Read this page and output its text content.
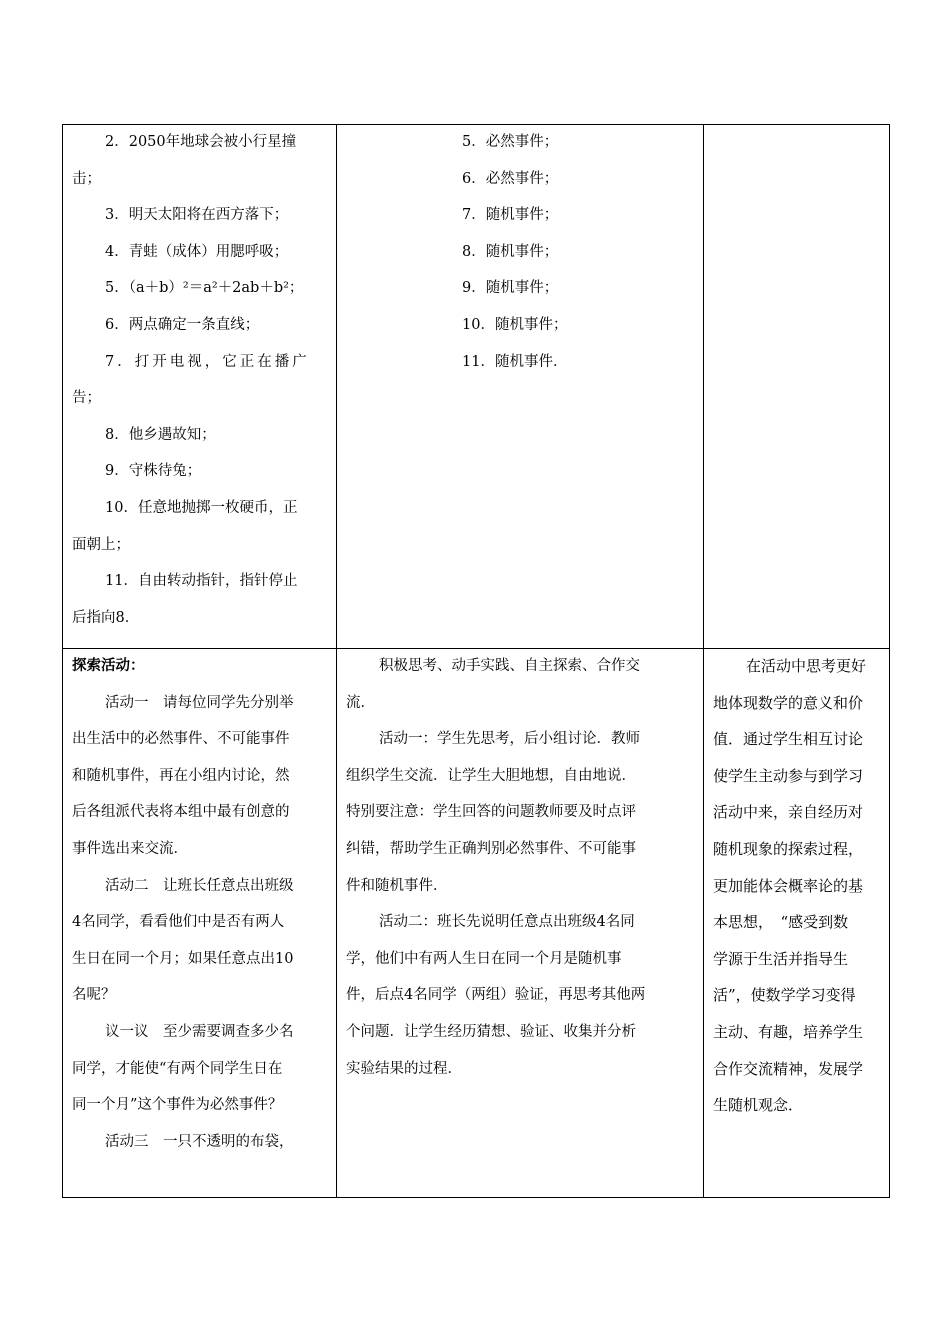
2．2050年地球会被小行星撞

击；

3．明天太阳将在西方落下；

4．青蛙（成体）用腮呼吸；

5．（a＋b）²＝a²＋2ab＋b²；

6．两点确定一条直线；

7．打开电视，它正在播广

告；

8．他乡遇故知；

9．守株待兔；

10．任意地抛掷一枚硬币，正

面朝上；

11．自由转动指针，指针停止

后指向8．

5．必然事件；

6．必然事件；

7．随机事件；

8．随机事件；

9．随机事件；

10．随机事件；

11．随机事件．

探索活动：

活动一　请每位同学先分别举

出生活中的必然事件、不可能事件

和随机事件，再在小组内讨论，然

后各组派代表将本组中最有创意的

事件选出来交流．

活动二　让班长任意点出班级

4名同学，看看他们中是否有两人

生日在同一个月；如果任意点出10

名呢？

议一议　至少需要调查多少名

同学，才能使“有两个同学生日在

同一个月”这个事件为必然事件？

活动三　一只不透明的布袋，

积极思考、动手实践、自主探索、合作交

流．

活动一：学生先思考，后小组讨论．教师

组织学生交流．让学生大胆地想，自由地说．

特别要注意：学生回答的问题教师要及时点评

纠错，帮助学生正确判别必然事件、不可能事

件和随机事件．

活动二：班长先说明任意点出班级4名同

学，他们中有两人生日在同一个月是随机事

件，后点4名同学（两组）验证，再思考其他两

个问题．让学生经历猜想、验证、收集并分析

实验结果的过程．

在活动中思考更好

地体现数学的意义和价

值．通过学生相互讨论

使学生主动参与到学习

活动中来，亲自经历对

随机现象的探索过程，

更加能体会概率论的基

本思想，　“感受到数

学源于生活并指导生

活”，使数学学习变得

主动、有趣，培养学生

合作交流精神，发展学

生随机观念．
